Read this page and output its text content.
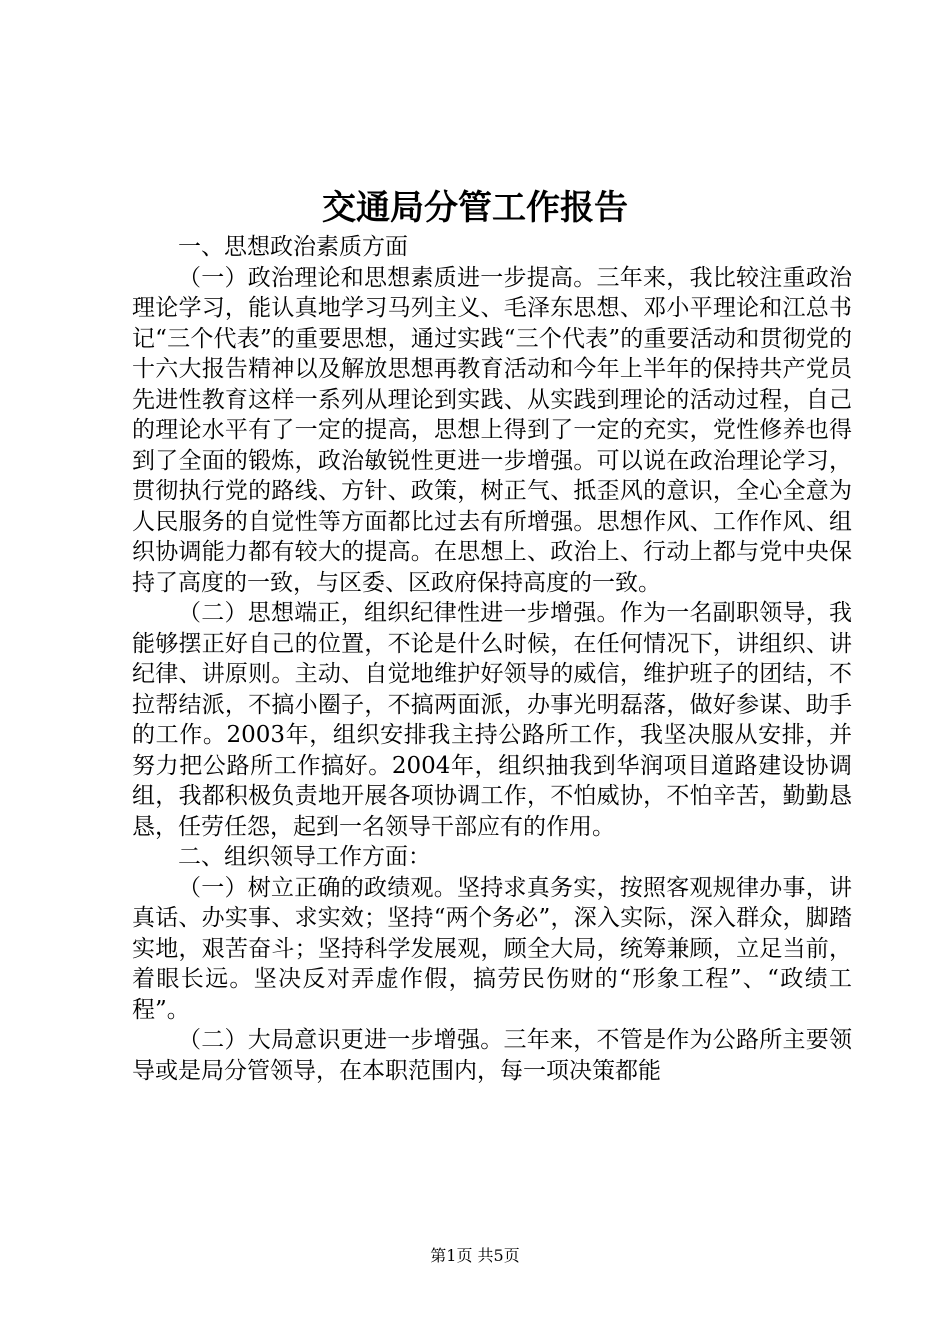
交通局分管工作报告

一、思想政治素质方面

（一）政治理论和思想素质进一步提高。三年来，我比较注重政治理论学习，能认真地学习马列主义、毛泽东思想、邓小平理论和江总书记“三个代表”的重要思想，通过实践“三个代表”的重要活动和贯彻党的十六大报告精神以及解放思想再教育活动和今年上半年的保持共产党员先进性教育这样一系列从理论到实践、从实践到理论的活动过程，自己的理论水平有了一定的提高，思想上得到了一定的充实，党性修养也得到了全面的锻炼，政治敏锐性更进一步增强。可以说在政治理论学习，贯彻执行党的路线、方针、政策，树正气、抵歪风的意识，全心全意为人民服务的自觉性等方面都比过去有所增强。思想作风、工作作风、组织协调能力都有较大的提高。在思想上、政治上、行动上都与党中央保持了高度的一致，与区委、区政府保持高度的一致。

（二）思想端正，组织纪律性进一步增强。作为一名副职领导，我能够摆正好自己的位置，不论是什么时候，在任何情况下，讲组织、讲纪律、讲原则。主动、自觉地维护好领导的威信，维护班子的团结，不拉帮结派，不搞小圈子，不搞两面派，办事光明磊落，做好参谋、助手的工作。2003年，组织安排我主持公路所工作，我坚决服从安排，并努力把公路所工作搞好。2004年，组织抽我到华润项目道路建设协调组，我都积极负责地开展各项协调工作，不怕威协，不怕辛苦，勤勤恳恳，任劳任怨，起到一名领导干部应有的作用。

二、组织领导工作方面：

（一）树立正确的政绩观。坚持求真务实，按照客观规律办事，讲真话、办实事、求实效；坚持“两个务必”，深入实际，深入群众，脚踏实地，艰苦奋斗；坚持科学发展观，顾全大局，统筹兼顾，立足当前，着眼长远。坚决反对弄虚作假，搞劳民伤财的“形象工程”、“政绩工程”。

（二）大局意识更进一步增强。三年来，不管是作为公路所主要领导或是局分管领导，在本职范围内，每一项决策都能

第1页 共5页
